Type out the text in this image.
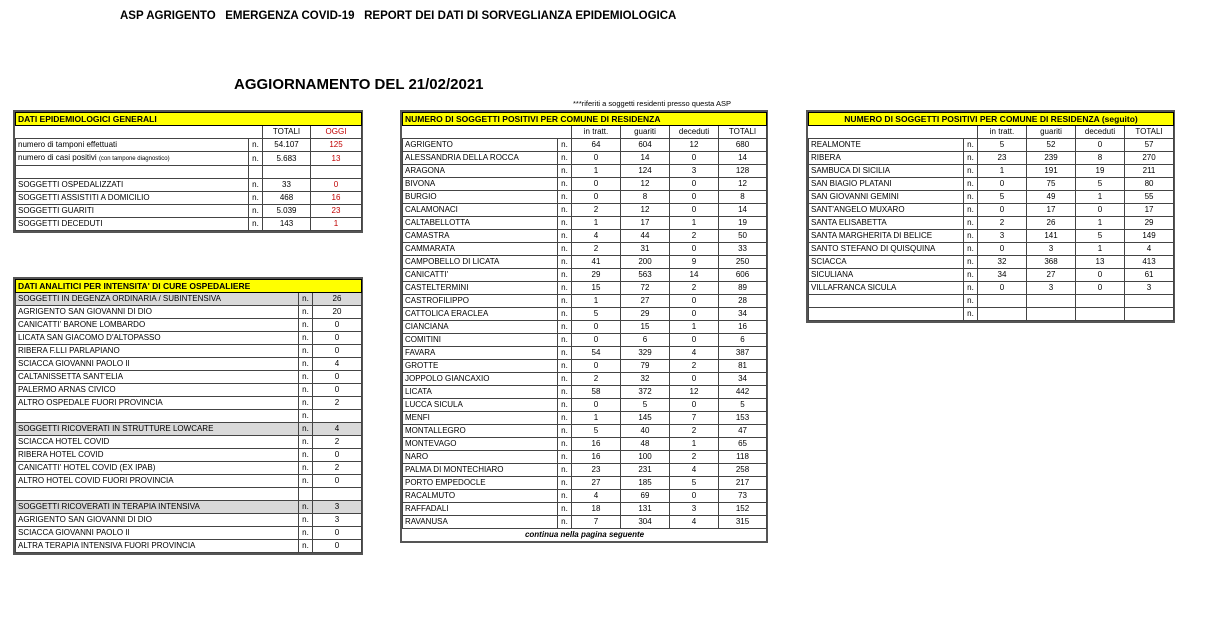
ASP AGRIGENTO   EMERGENZA COVID-19   REPORT DEI DATI DI SORVEGLIANZA EPIDEMIOLOGICA
AGGIORNAMENTO DEL 21/02/2021
***riferiti a soggetti residenti presso questa ASP
DATI EPIDEMIOLOGICI GENERALI			
		TOTALI	OGGI
numero di tamponi effettuati	n.	54.107	125
numero di casi positivi (con tampone diagnostico)	n.	5.683	13

SOGGETTI OSPEDALIZZATI	n.	33	0
SOGGETTI ASSISTITI A DOMICILIO	n.	468	16
SOGGETTI GUARITI	n.	5.039	23
SOGGETTI DECEDUTI	n.	143	1
DATI ANALITICI PER INTENSITA' DI CURE OSPEDALIERE		
SOGGETTI IN DEGENZA ORDINARIA / SUBINTENSIVA	n.	26
AGRIGENTO SAN GIOVANNI DI DIO	n.	20
CANICATTI' BARONE LOMBARDO	n.	0
LICATA SAN GIACOMO D'ALTOPASSO	n.	0
RIBERA F.LLI PARLAPIANO	n.	0
SCIACCA GIOVANNI PAOLO II	n.	4
CALTANISSETTA SANT'ELIA	n.	0
PALERMO ARNAS CIVICO	n.	0
ALTRO OSPEDALE FUORI PROVINCIA	n.	2
	n.	
SOGGETTI RICOVERATI IN STRUTTURE LOWCARE	n.	4
SCIACCA HOTEL COVID	n.	2
RIBERA HOTEL COVID	n.	0
CANICATTI' HOTEL COVID (EX IPAB)	n.	2
ALTRO HOTEL COVID FUORI PROVINCIA	n.	0

SOGGETTI RICOVERATI IN TERAPIA INTENSIVA	n.	3
AGRIGENTO SAN GIOVANNI DI DIO	n.	3
SCIACCA GIOVANNI PAOLO II	n.	0
ALTRA TERAPIA INTENSIVA FUORI PROVINCIA	n.	0
NUMERO DI SOGGETTI POSITIVI PER COMUNE DI RESIDENZA					
		in tratt.	guariti	deceduti	TOTALI
AGRIGENTO	n.	64	604	12	680
ALESSANDRIA DELLA ROCCA	n.	0	14	0	14
ARAGONA	n.	1	124	3	128
BIVONA	n.	0	12	0	12
BURGIO	n.	0	8	0	8
CALAMONACI	n.	2	12	0	14
CALTABELLOTTA	n.	1	17	1	19
CAMASTRA	n.	4	44	2	50
CAMMARATA	n.	2	31	0	33
CAMPOBELLO DI LICATA	n.	41	200	9	250
CANICATTI'	n.	29	563	14	606
CASTELTERMINI	n.	15	72	2	89
CASTROFILIPPO	n.	1	27	0	28
CATTOLICA ERACLEA	n.	5	29	0	34
CIANCIANA	n.	0	15	1	16
COMITINI	n.	0	6	0	6
FAVARA	n.	54	329	4	387
GROTTE	n.	0	79	2	81
JOPPOLO GIANCAXIO	n.	2	32	0	34
LICATA	n.	58	372	12	442
LUCCA SICULA	n.	0	5	0	5
MENFI	n.	1	145	7	153
MONTALLEGRO	n.	5	40	2	47
MONTEVAGO	n.	16	48	1	65
NARO	n.	16	100	2	118
PALMA DI MONTECHIARO	n.	23	231	4	258
PORTO EMPEDOCLE	n.	27	185	5	217
RACALMUTO	n.	4	69	0	73
RAFFADALI	n.	18	131	3	152
RAVANUSA	n.	7	304	4	315
continua nella pagina seguente					
NUMERO DI SOGGETTI POSITIVI PER COMUNE DI RESIDENZA (seguito)					
		in tratt.	guariti	deceduti	TOTALI
REALMONTE	n.	5	52	0	57
RIBERA	n.	23	239	8	270
SAMBUCA DI SICILIA	n.	1	191	19	211
SAN BIAGIO PLATANI	n.	0	75	5	80
SAN GIOVANNI GEMINI	n.	5	49	1	55
SANT'ANGELO MUXARO	n.	0	17	0	17
SANTA ELISABETTA	n.	2	26	1	29
SANTA MARGHERITA DI BELICE	n.	3	141	5	149
SANTO STEFANO DI QUISQUINA	n.	0	3	1	4
SCIACCA	n.	32	368	13	413
SICULIANA	n.	34	27	0	61
VILLAFRANCA SICULA	n.	0	3	0	3
	n.				
	n.				
